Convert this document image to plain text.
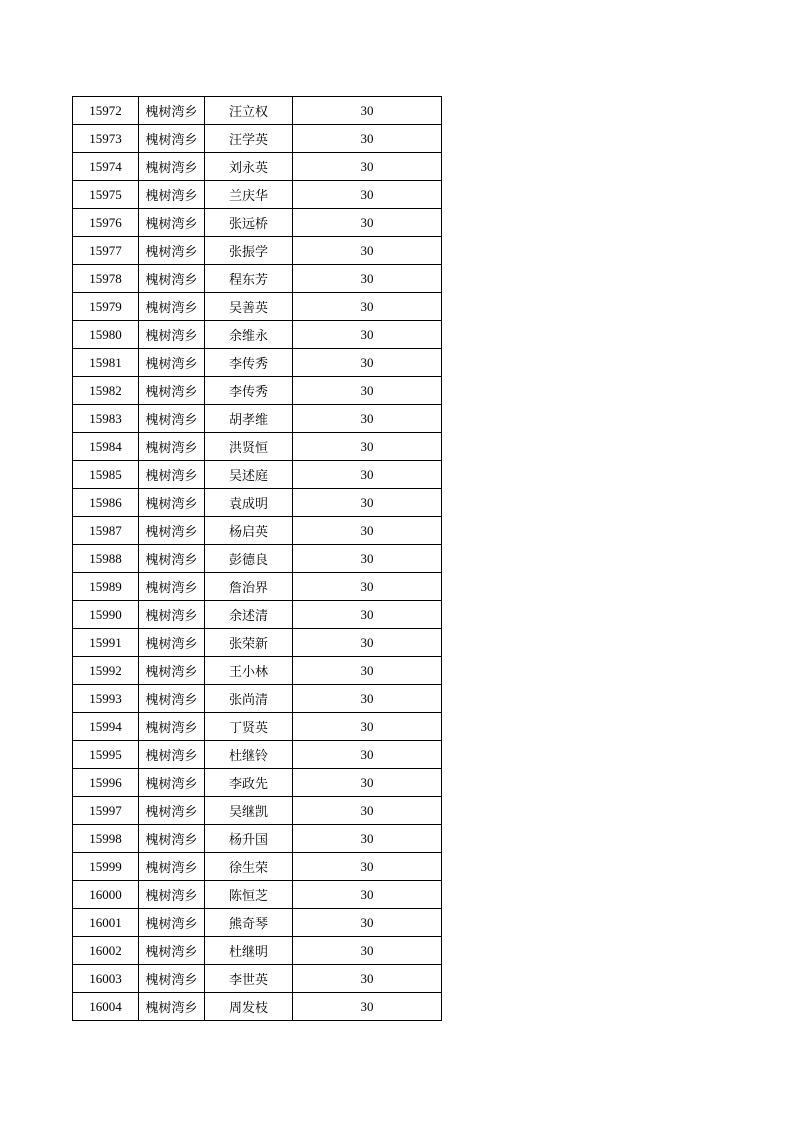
15972	槐树湾乡	汪立权	30
15973	槐树湾乡	汪学英	30
15974	槐树湾乡	刘永英	30
15975	槐树湾乡	兰庆华	30
15976	槐树湾乡	张远桥	30
15977	槐树湾乡	张振学	30
15978	槐树湾乡	程东芳	30
15979	槐树湾乡	吴善英	30
15980	槐树湾乡	余维永	30
15981	槐树湾乡	李传秀	30
15982	槐树湾乡	李传秀	30
15983	槐树湾乡	胡孝维	30
15984	槐树湾乡	洪贤恒	30
15985	槐树湾乡	吴述庭	30
15986	槐树湾乡	袁成明	30
15987	槐树湾乡	杨启英	30
15988	槐树湾乡	彭德良	30
15989	槐树湾乡	詹治界	30
15990	槐树湾乡	余述清	30
15991	槐树湾乡	张荣新	30
15992	槐树湾乡	王小林	30
15993	槐树湾乡	张尚清	30
15994	槐树湾乡	丁贤英	30
15995	槐树湾乡	杜继铃	30
15996	槐树湾乡	李政先	30
15997	槐树湾乡	吴继凯	30
15998	槐树湾乡	杨升国	30
15999	槐树湾乡	徐生荣	30
16000	槐树湾乡	陈恒芝	30
16001	槐树湾乡	熊奇琴	30
16002	槐树湾乡	杜继明	30
16003	槐树湾乡	李世英	30
16004	槐树湾乡	周发枝	30
